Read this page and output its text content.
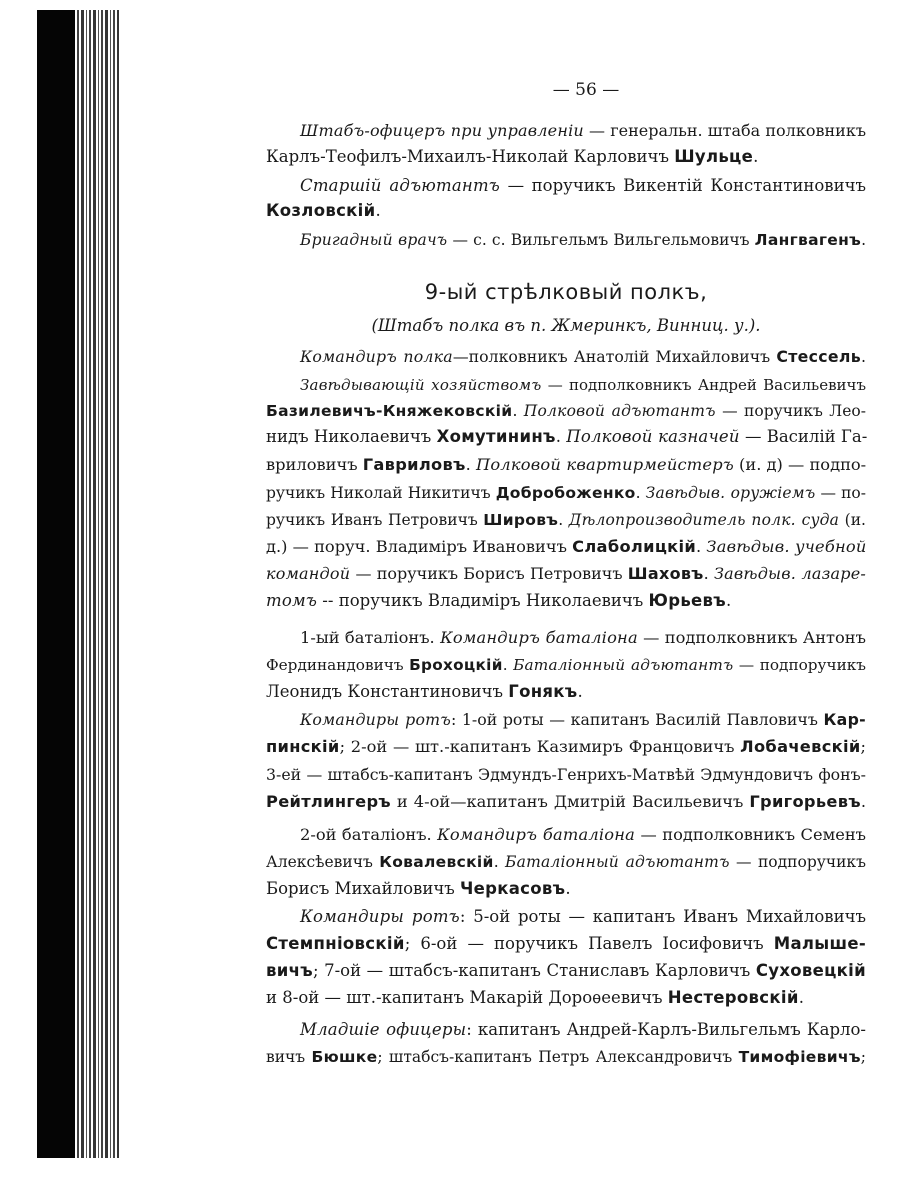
— 56 —
Штабъ-офицеръ при управленіи — генеральн. штаба полковникъ
Карлъ-Теофилъ-Михаилъ-Николай Карловичъ Шульце.
Старшій адъютантъ — поручикъ Викентій Константиновичъ
Козловскій.
Бригадный врачъ — с. с. Вильгельмъ Вильгельмовичъ Лангвагенъ.
9-ый стрѣлковый полкъ,
(Штабъ полка въ п. Жмеринкъ, Винниц. у.).
Командиръ полка—полковникъ Анатолій Михайловичъ Стессель.
Завѣдывающій хозяйствомъ — подполковникъ Андрей Васильевичъ
Базилевичъ-Княжековскій. Полковой адъютантъ — поручикъ Лео-
нидъ Николаевичъ Хомутининъ. Полковой казначей — Василій Га-
вриловичъ Гавриловъ. Полковой квартирмейстеръ (и. д) — подпо-
ручикъ Николай Никитичъ Добробоженко. Завѣдыв. оружіемъ — по-
ручикъ Иванъ Петровичъ Шировъ. Дѣлопроизводитель полк. суда (и.
д.) — поруч. Владиміръ Ивановичъ Слаболицкій. Завѣдыв. учебной
командой — поручикъ Борисъ Петровичъ Шаховъ. Завѣдыв. лазаре-
томъ -- поручикъ Владиміръ Николаевичъ Юрьевъ.
1-ый баталіонъ. Командиръ баталіона — подполковникъ Антонъ
Фердинандовичъ Брохоцкій. Баталіонный адъютантъ — подпоручикъ
Леонидъ Константиновичъ Гонякъ.
Командиры ротъ: 1-ой роты — капитанъ Василій Павловичъ Кар-
пинскій; 2-ой — шт.-капитанъ Казимиръ Францовичъ Лобачевскій;
3-ей — штабсъ-капитанъ Эдмундъ-Генрихъ-Матвѣй Эдмундовичъ фонъ-
Рейтлингеръ и 4-ой—капитанъ Дмитрій Васильевичъ Григорьевъ.
2-ой баталіонъ. Командиръ баталіона — подполковникъ Семенъ
Алексѣевичъ Ковалевскій. Баталіонный адъютантъ — подпоручикъ
Борисъ Михайловичъ Черкасовъ.
Командиры ротъ: 5-ой роты — капитанъ Иванъ Михайловичъ
Стемпніовскій; 6-ой — поручикъ Павелъ Іосифовичъ Малыше-
вичъ; 7-ой — штабсъ-капитанъ Станиславъ Карловичъ Суховецкій
и 8-ой — шт.-капитанъ Макарій Дороѳеевичъ Нестеровскій.
Младшіе офицеры: капитанъ Андрей-Карлъ-Вильгельмъ Карло-
вичъ Бюшке; штабсъ-капитанъ Петръ Александровичъ Тимофіевичъ;
